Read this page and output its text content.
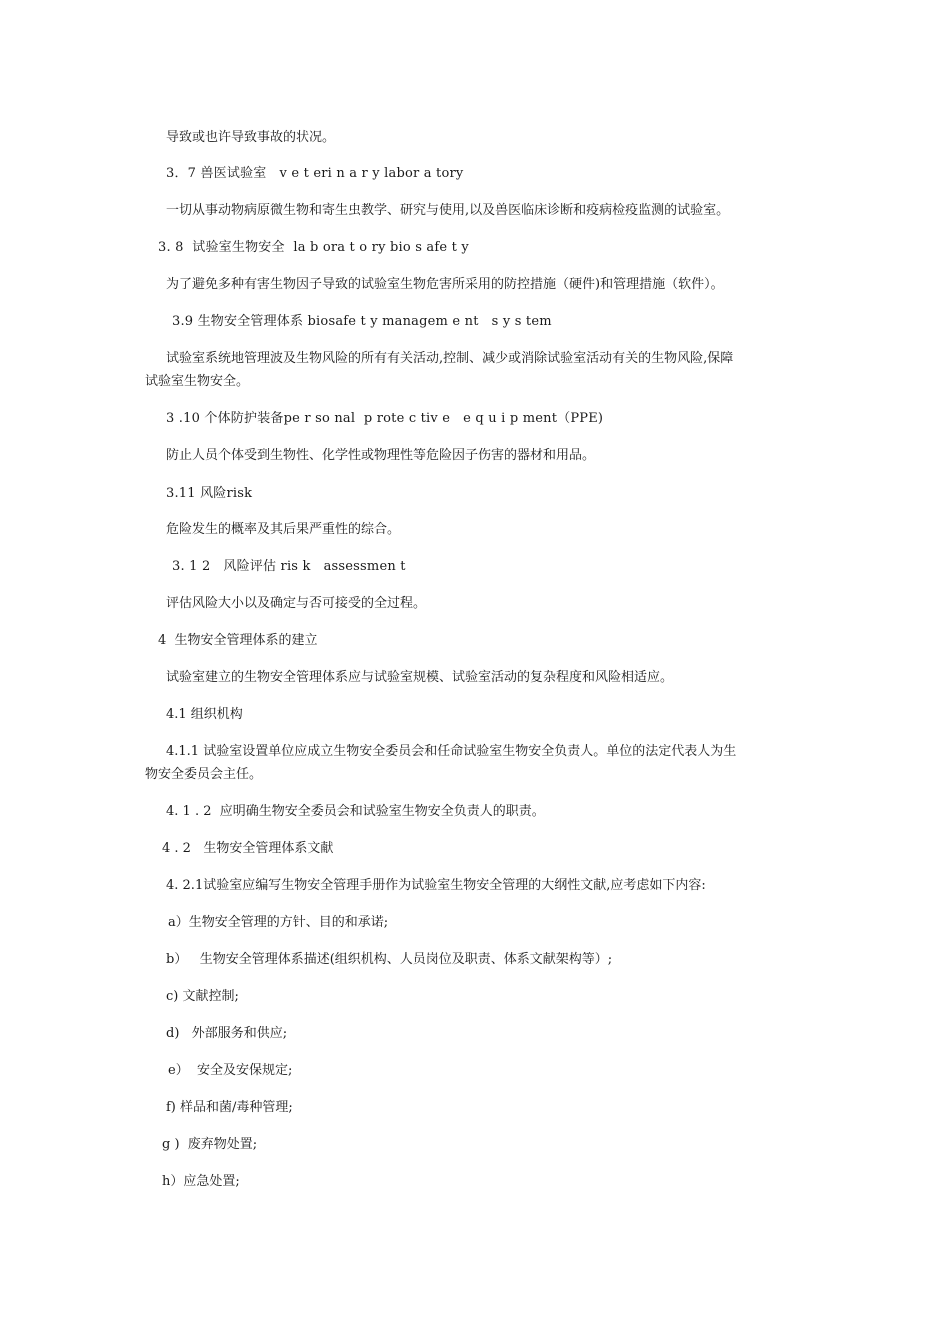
导致或也许导致事故的状况。

3．7 兽医试验室   v e t eri n a r y labor a tory

一切从事动物病原微生物和寄生虫教学、研究与使用,以及兽医临床诊断和疫病检疫监测的试验室。

3. 8  试验室生物安全  la b ora t o ry bio s afe t y

为了避免多种有害生物因子导致的试验室生物危害所采用的防控措施（硬件)和管理措施（软件）。

3.9 生物安全管理体系 biosafe t y managem e nt   s y s tem

试验室系统地管理波及生物风险的所有有关活动,控制、减少或消除试验室活动有关的生物风险,保障

试验室生物安全。

3 .10 个体防护装备pe r so nal  p rote c tiv e   e q u i p ment（PPE)

防止人员个体受到生物性、化学性或物理性等危险因子伤害的器材和用品。

3.11 风险risk

危险发生的概率及其后果严重性的综合。

3. 1 2   风险评估 ris k   assessmen t

评估风险大小以及确定与否可接受的全过程。

4  生物安全管理体系的建立

试验室建立的生物安全管理体系应与试验室规模、试验室活动的复杂程度和风险相适应。

4.1 组织机构

4.1.1 试验室设置单位应成立生物安全委员会和任命试验室生物安全负责人。单位的法定代表人为生

物安全委员会主任。

4. 1 . 2  应明确生物安全委员会和试验室生物安全负责人的职责。

4 . 2   生物安全管理体系文献

4. 2.1试验室应编写生物安全管理手册作为试验室生物安全管理的大纲性文献,应考虑如下内容:

a）生物安全管理的方针、目的和承诺;

b）   生物安全管理体系描述(组织机构、人员岗位及职责、体系文献架构等）;

c) 文献控制;

d)   外部服务和供应;

e）  安全及安保规定;

f) 样品和菌/毒种管理;

g )  废弃物处置;

h）应急处置;
